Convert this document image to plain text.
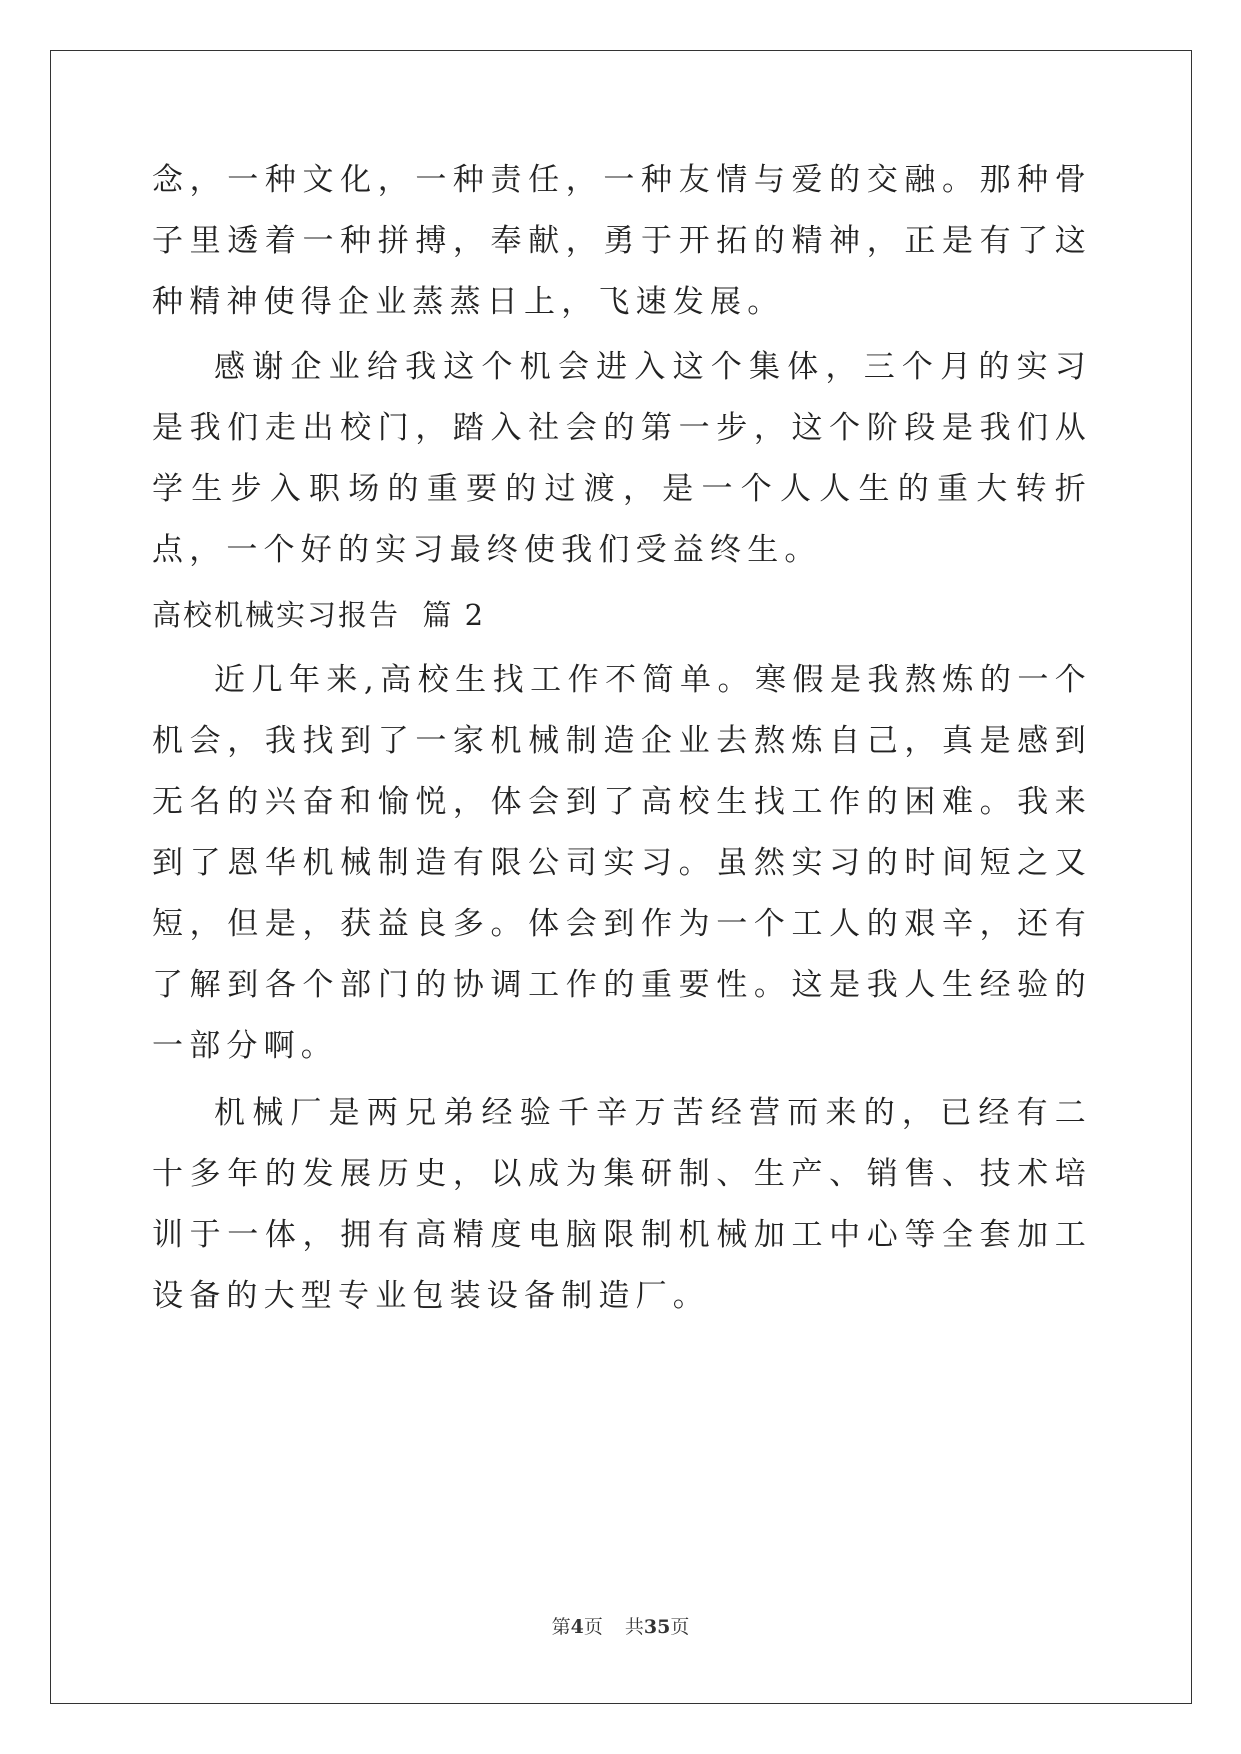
念，一种文化，一种责任，一种友情与爱的交融。那种骨子里透着一种拼搏，奉献，勇于开拓的精神，正是有了这种精神使得企业蒸蒸日上，飞速发展。

感谢企业给我这个机会进入这个集体，三个月的实习是我们走出校门，踏入社会的第一步，这个阶段是我们从学生步入职场的重要的过渡，是一个人人生的重大转折点，一个好的实习最终使我们受益终生。

高校机械实习报告  篇 2

近几年来,高校生找工作不简单。寒假是我熬炼的一个机会，我找到了一家机械制造企业去熬炼自己，真是感到无名的兴奋和愉悦，体会到了高校生找工作的困难。我来到了恩华机械制造有限公司实习。虽然实习的时间短之又短，但是，获益良多。体会到作为一个工人的艰辛，还有了解到各个部门的协调工作的重要性。这是我人生经验的一部分啊。

机械厂是两兄弟经验千辛万苦经营而来的，已经有二十多年的发展历史，以成为集研制、生产、销售、技术培训于一体，拥有高精度电脑限制机械加工中心等全套加工设备的大型专业包装设备制造厂。

第4页 共35页
